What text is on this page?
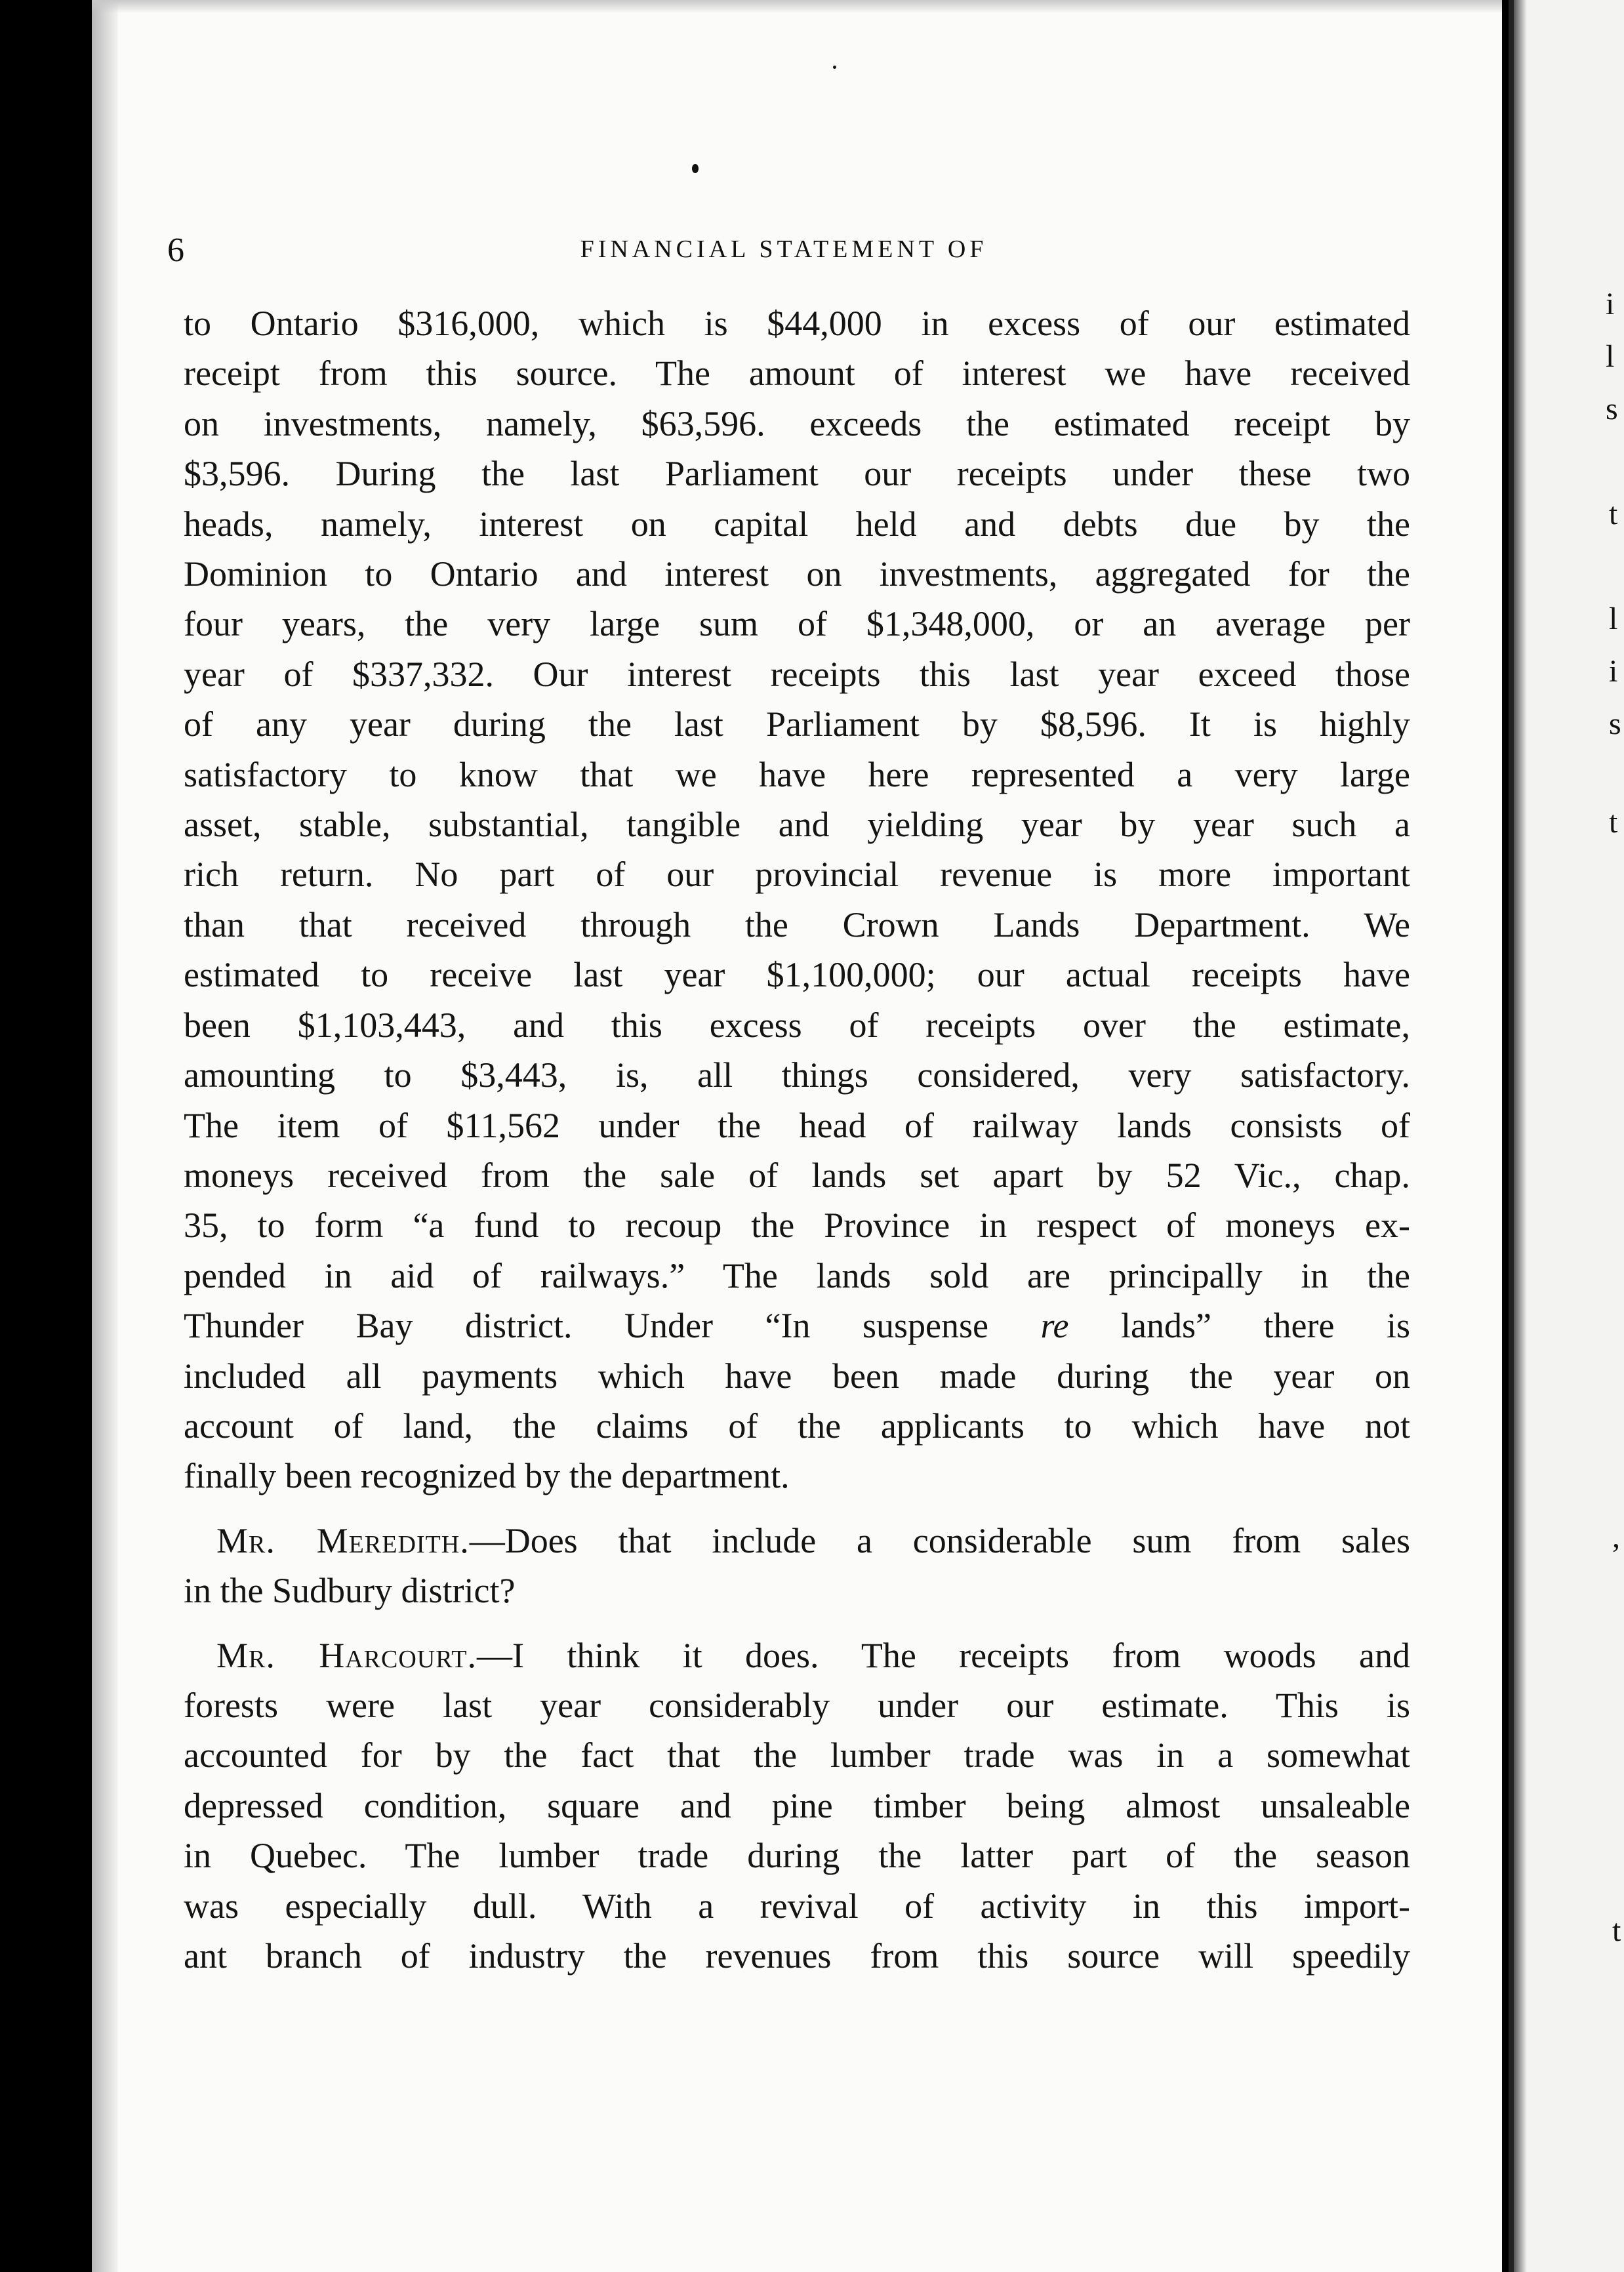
i
l
s
t
l
i
s
t
,
t
6	FINANCIAL STATEMENT OF

to Ontario $316,000, which is $44,000 in excess of our estimated
receipt from this source. The amount of interest we have received
on investments, namely, $63,596. exceeds the estimated receipt by
$3,596. During the last Parliament our receipts under these two
heads, namely, interest on capital held and debts due by the
Dominion to Ontario and interest on investments, aggregated for the
four years, the very large sum of $1,348,000, or an average per
year of $337,332. Our interest receipts this last year exceed those
of any year during the last Parliament by $8,596. It is highly
satisfactory to know that we have here represented a very large
asset, stable, substantial, tangible and yielding year by year such a
rich return. No part of our provincial revenue is more important
than that received through the Crown Lands Department. We
estimated to receive last year $1,100,000; our actual receipts have
been $1,103,443, and this excess of receipts over the estimate,
amounting to $3,443, is, all things considered, very satisfactory.
The item of $11,562 under the head of railway lands consists of
moneys received from the sale of lands set apart by 52 Vic., chap.
35, to form “a fund to recoup the Province in respect of moneys ex-
pended in aid of railways.” The lands sold are principally in the
Thunder Bay district. Under “In suspense re lands” there is
included all payments which have been made during the year on
account of land, the claims of the applicants to which have not
finally been recognized by the department.

Mr. Meredith.—Does that include a considerable sum from sales
in the Sudbury district?

Mr. Harcourt.—I think it does. The receipts from woods and
forests were last year considerably under our estimate. This is
accounted for by the fact that the lumber trade was in a somewhat
depressed condition, square and pine timber being almost unsaleable
in Quebec. The lumber trade during the latter part of the season
was especially dull. With a revival of activity in this import-
ant branch of industry the revenues from this source will speedily
